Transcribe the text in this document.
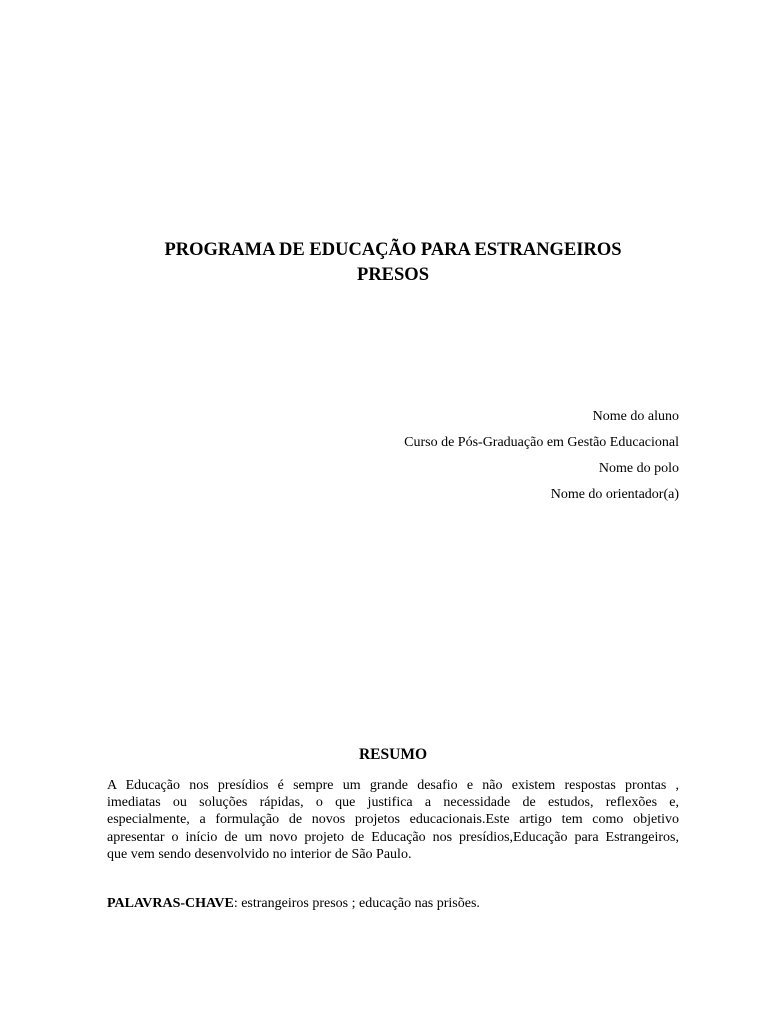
PROGRAMA DE EDUCAÇÃO PARA ESTRANGEIROS
PRESOS
Nome do aluno
Curso de Pós-Graduação em Gestão Educacional
Nome do polo
Nome do orientador(a)
RESUMO

A Educação nos presídios é sempre um grande desafio e não existem respostas prontas ,
imediatas ou soluções rápidas, o que justifica a necessidade de estudos, reflexões e,
especialmente, a formulação de novos projetos educacionais.Este artigo tem como objetivo
apresentar o início de um novo projeto de Educação nos presídios,Educação para Estrangeiros,
que vem sendo desenvolvido no interior de São Paulo.

PALAVRAS-CHAVE: estrangeiros presos ; educação nas prisões.
